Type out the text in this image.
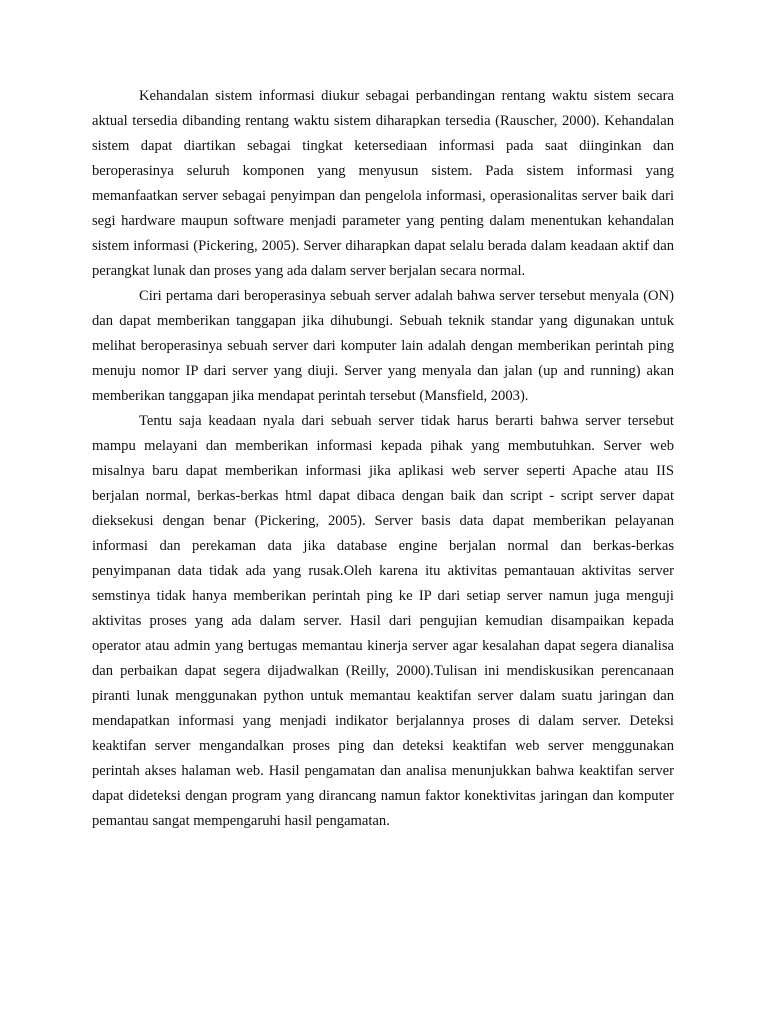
Kehandalan sistem informasi diukur sebagai perbandingan rentang waktu sistem secara aktual tersedia dibanding rentang waktu sistem diharapkan tersedia (Rauscher, 2000). Kehandalan sistem dapat diartikan sebagai tingkat ketersediaan informasi pada saat diinginkan dan beroperasinya seluruh komponen yang menyusun sistem. Pada sistem informasi yang memanfaatkan server sebagai penyimpan dan pengelola informasi, operasionalitas server baik dari segi hardware maupun software menjadi parameter yang penting dalam menentukan kehandalan sistem informasi (Pickering, 2005). Server diharapkan dapat selalu berada dalam keadaan aktif dan perangkat lunak dan proses yang ada dalam server berjalan secara normal.

Ciri pertama dari beroperasinya sebuah server adalah bahwa server tersebut menyala (ON) dan dapat memberikan tanggapan jika dihubungi. Sebuah teknik standar yang digunakan untuk melihat beroperasinya sebuah server dari komputer lain adalah dengan memberikan perintah ping menuju nomor IP dari server yang diuji. Server yang menyala dan jalan (up and running) akan memberikan tanggapan jika mendapat perintah tersebut (Mansfield, 2003).

Tentu saja keadaan nyala dari sebuah server tidak harus berarti bahwa server tersebut mampu melayani dan memberikan informasi kepada pihak yang membutuhkan. Server web misalnya baru dapat memberikan informasi jika aplikasi web server seperti Apache atau IIS berjalan normal, berkas-berkas html dapat dibaca dengan baik dan script - script server dapat dieksekusi dengan benar (Pickering, 2005). Server basis data dapat memberikan pelayanan informasi dan perekaman data jika database engine berjalan normal dan berkas-berkas penyimpanan data tidak ada yang rusak.Oleh karena itu aktivitas pemantauan aktivitas server semstinya tidak hanya memberikan perintah ping ke IP dari setiap server namun juga menguji aktivitas proses yang ada dalam server. Hasil dari pengujian kemudian disampaikan kepada operator atau admin yang bertugas memantau kinerja server agar kesalahan dapat segera dianalisa dan perbaikan dapat segera dijadwalkan (Reilly, 2000).Tulisan ini mendiskusikan perencanaan piranti lunak menggunakan python untuk memantau keaktifan server dalam suatu jaringan dan mendapatkan informasi yang menjadi indikator berjalannya proses di dalam server. Deteksi keaktifan server mengandalkan proses ping dan deteksi keaktifan web server menggunakan perintah akses halaman web. Hasil pengamatan dan analisa menunjukkan bahwa keaktifan server dapat dideteksi dengan program yang dirancang namun faktor konektivitas jaringan dan komputer pemantau sangat mempengaruhi hasil pengamatan.
